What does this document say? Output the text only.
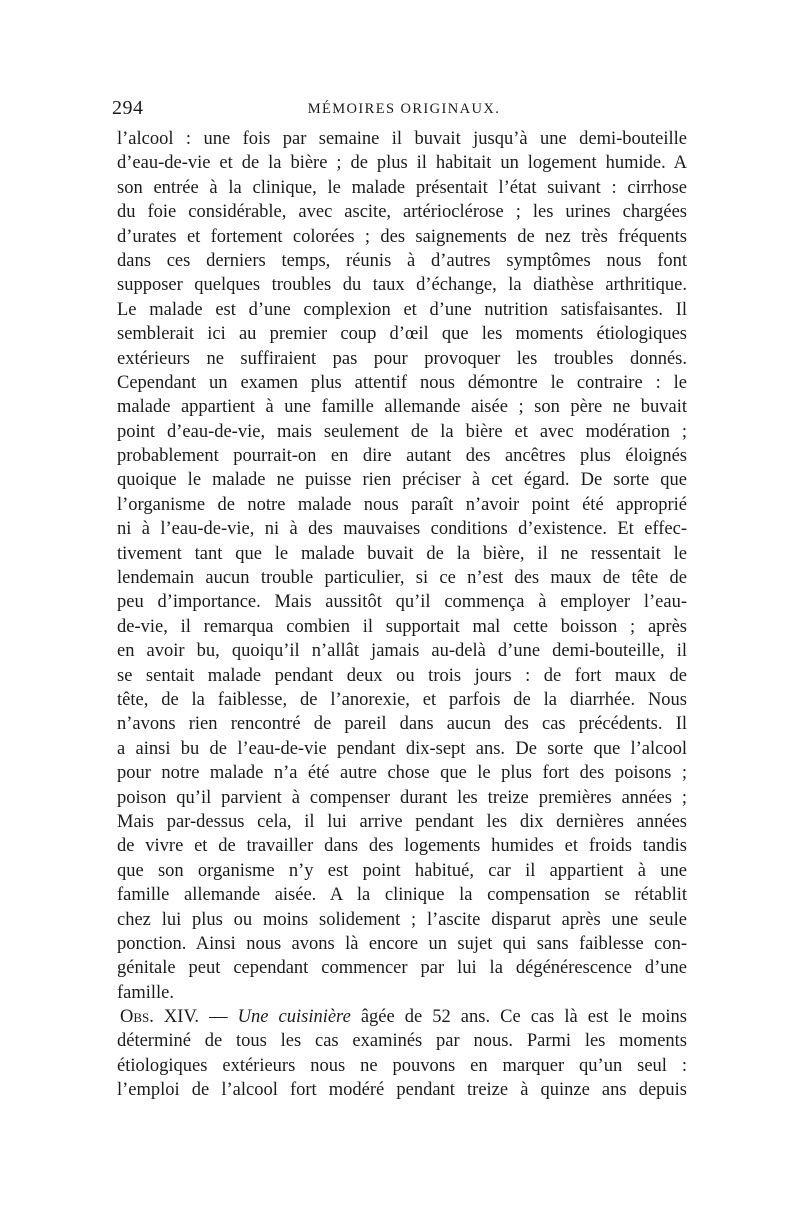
294	MÉMOIRES ORIGINAUX.
l’alcool : une fois par semaine il buvait jusqu’à une demi-bouteille
d’eau-de-vie et de la bière ; de plus il habitait un logement humide. A
son entrée à la clinique, le malade présentait l’état suivant : cirrhose
du foie considérable, avec ascite, artérioclérose ; les urines chargées
d’urates et fortement colorées ; des saignements de nez très fréquents
dans ces derniers temps, réunis à d’autres symptômes nous font
supposer quelques troubles du taux d’échange, la diathèse arthritique.
Le malade est d’une complexion et d’une nutrition satisfaisantes. Il
semblerait ici au premier coup d’œil que les moments étiologiques
extérieurs ne suffiraient pas pour provoquer les troubles donnés.
Cependant un examen plus attentif nous démontre le contraire : le
malade appartient à une famille allemande aisée ; son père ne buvait
point d’eau-de-vie, mais seulement de la bière et avec modération ;
probablement pourrait-on en dire autant des ancêtres plus éloignés
quoique le malade ne puisse rien préciser à cet égard. De sorte que
l’organisme de notre malade nous paraît n’avoir point été approprié
ni à l’eau-de-vie, ni à des mauvaises conditions d’existence. Et effec-
tivement tant que le malade buvait de la bière, il ne ressentait le
lendemain aucun trouble particulier, si ce n’est des maux de tête de
peu d’importance. Mais aussitôt qu’il commença à employer l’eau-
de-vie, il remarqua combien il supportait mal cette boisson ; après
en avoir bu, quoiqu’il n’allât jamais au-delà d’une demi-bouteille, il
se sentait malade pendant deux ou trois jours : de fort maux de
tête, de la faiblesse, de l’anorexie, et parfois de la diarrhée. Nous
n’avons rien rencontré de pareil dans aucun des cas précédents. Il
a ainsi bu de l’eau-de-vie pendant dix-sept ans. De sorte que l’alcool
pour notre malade n’a été autre chose que le plus fort des poisons ;
poison qu’il parvient à compenser durant les treize premières années ;
Mais par-dessus cela, il lui arrive pendant les dix dernières années
de vivre et de travailler dans des logements humides et froids tandis
que son organisme n’y est point habitué, car il appartient à une
famille allemande aisée. A la clinique la compensation se rétablit
chez lui plus ou moins solidement ; l’ascite disparut après une seule
ponction. Ainsi nous avons là encore un sujet qui sans faiblesse con-
génitale peut cependant commencer par lui la dégénérescence d’une
famille.
Obs. XIV. — Une cuisinière âgée de 52 ans. Ce cas là est le moins
déterminé de tous les cas examinés par nous. Parmi les moments
étiologiques extérieurs nous ne pouvons en marquer qu’un seul :
l’emploi de l’alcool fort modéré pendant treize à quinze ans depuis
